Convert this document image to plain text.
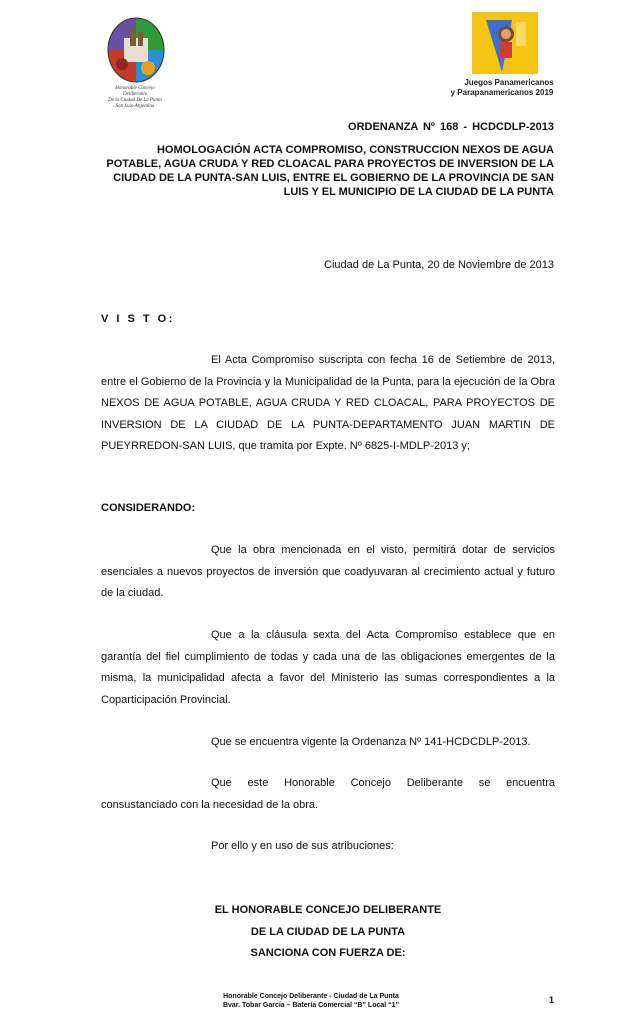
Honorable Concejo Deliberante
De la Ciudad De La Punta
San Luis-Argentina
Juegos Panamericanos
y Parapanamericanos 2019
ORDENANZA Nº 168 - HCDCDLP-2013
HOMOLOGACIÓN ACTA COMPROMISO, CONSTRUCCION NEXOS DE AGUA POTABLE, AGUA CRUDA Y RED CLOACAL PARA PROYECTOS DE INVERSION DE LA CIUDAD DE LA PUNTA-SAN LUIS, ENTRE EL GOBIERNO DE LA PROVINCIA DE SAN LUIS Y EL MUNICIPIO DE LA CIUDAD DE LA PUNTA
Ciudad de La Punta, 20 de Noviembre de 2013
V I S T O:
El Acta Compromiso suscripta con fecha 16 de Setiembre de 2013, entre el Gobierno de la Provincia y la Municipalidad de la Punta, para la ejecución de la Obra NEXOS DE AGUA POTABLE, AGUA CRUDA Y RED CLOACAL, PARA PROYECTOS DE INVERSION DE LA CIUDAD DE LA PUNTA-DEPARTAMENTO JUAN MARTIN DE PUEYRREDON-SAN LUIS, que tramita por Expte. Nº 6825-I-MDLP-2013 y;
CONSIDERANDO:
Que la obra mencionada en el visto, permitirá dotar de servicios esenciales a nuevos proyectos de inversión que coadyuvaran al crecimiento actual y futuro de la ciudad.
Que a la cláusula sexta del Acta Compromiso establece que en garantía del fiel cumplimiento de todas y cada una de las obligaciones emergentes de la misma, la municipalidad afecta a favor del Ministerio las sumas correspondientes a la Coparticipación Provincial.
Que se encuentra vigente la Ordenanza Nº 141-HCDCDLP-2013.
Que este Honorable Concejo Deliberante se encuentra consustanciado con la necesidad de la obra.
Por ello y en uso de sus atribuciones:
EL HONORABLE CONCEJO DELIBERANTE
DE LA CIUDAD DE LA PUNTA
SANCIONA CON FUERZA DE:
Honorable Concejo Deliberante - Ciudad de La Punta
Bvar. Tobar García – Batería Comercial “B” Local “1”
1
